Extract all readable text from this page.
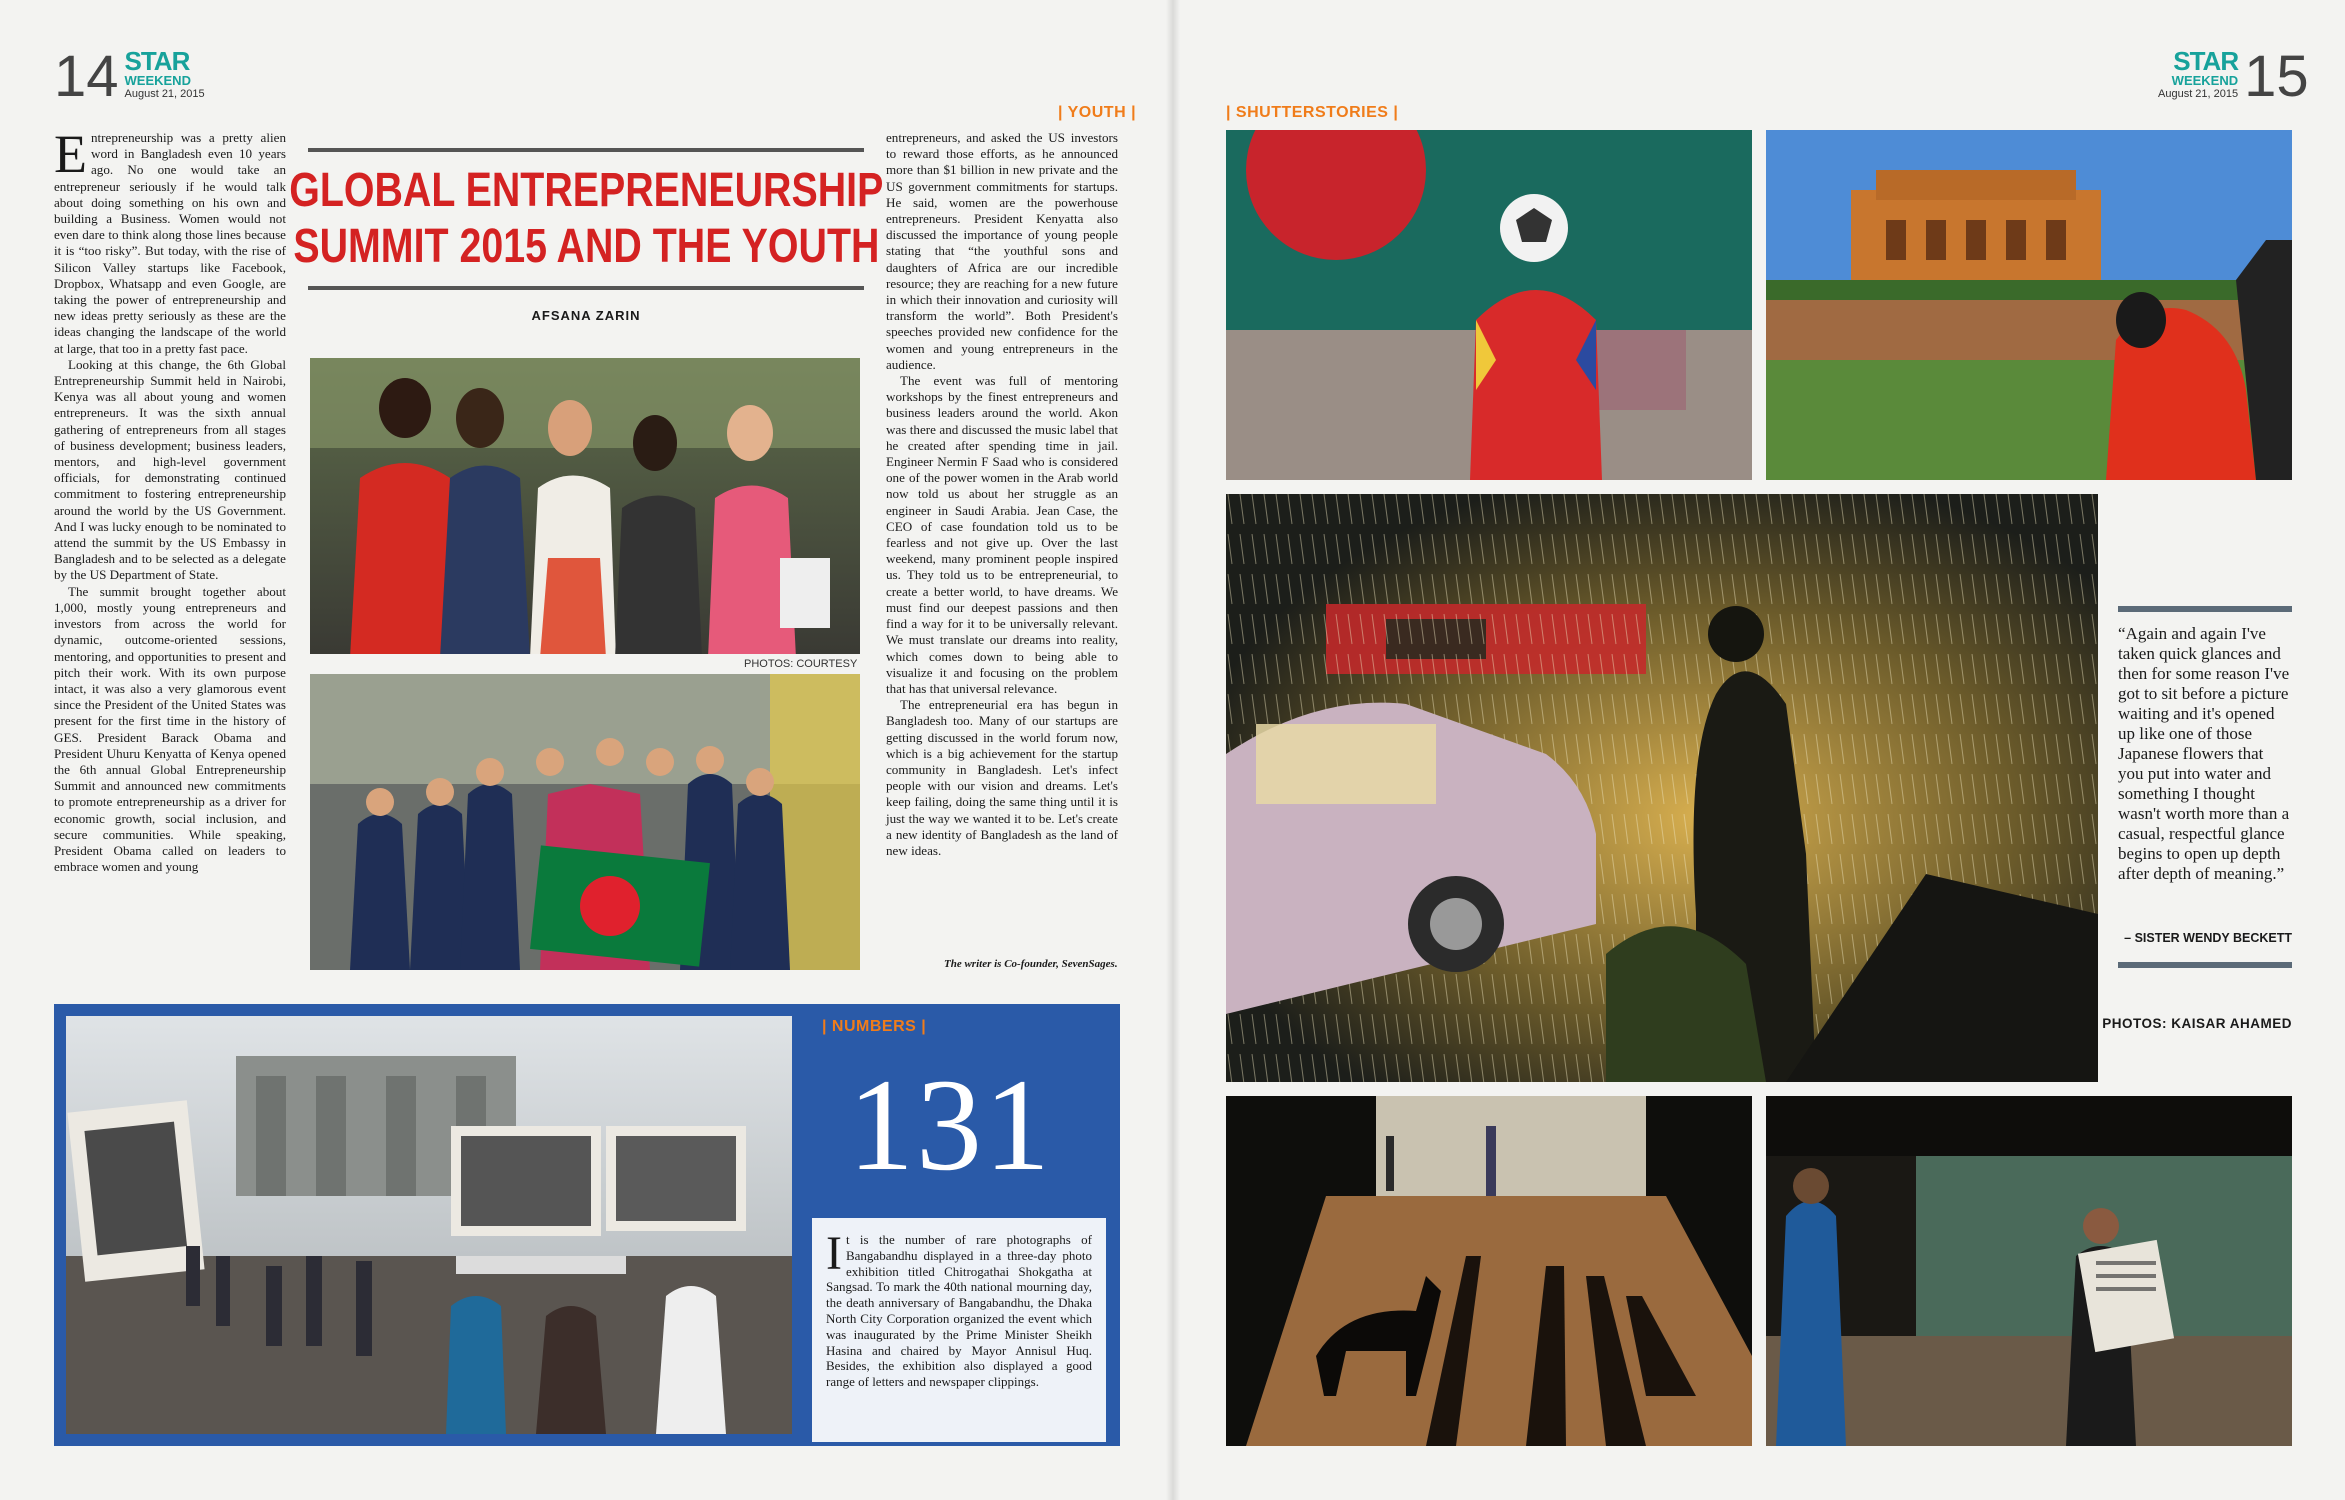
14 STAR
WEEKEND
August 21, 2015
| YOUTH |

Entrepreneurship was a pretty alien word in Bangladesh even 10 years ago. No one would take an entrepreneur seriously if he would talk about doing something on his own and building a Business. Women would not even dare to think along those lines because it is “too risky”. But today, with the rise of Silicon Valley startups like Facebook, Dropbox, Whatsapp and even Google, are taking the power of entrepreneurship and new ideas pretty seriously as these are the ideas changing the landscape of the world at large, that too in a pretty fast pace.

Looking at this change, the 6th Global Entrepreneurship Summit held in Nairobi, Kenya was all about young and women entrepreneurs. It was the sixth annual gathering of entrepreneurs from all stages of business development; business leaders, mentors, and high-level government officials, for demonstrating continued commitment to fostering entrepreneurship around the world by the US Government. And I was lucky enough to be nominated to attend the summit by the US Embassy in Bangladesh and to be selected as a delegate by the US Department of State.

The summit brought together about 1,000, mostly young entrepreneurs and investors from across the world for dynamic, outcome-oriented sessions, mentoring, and opportunities to present and pitch their work. With its own purpose intact, it was also a very glamorous event since the President of the United States was present for the first time in the history of GES. President Barack Obama and President Uhuru Kenyatta of Kenya opened the 6th annual Global Entrepreneurship Summit and announced new commitments to promote entrepreneurship as a driver for economic growth, social inclusion, and secure communities. While speaking, President Obama called on leaders to embrace women and young

GLOBAL ENTREPRENEURSHIP
SUMMIT 2015 AND THE YOUTH
AFSANA ZARIN
PHOTOS: COURTESY

entrepreneurs, and asked the US investors to reward those efforts, as he announced more than $1 billion in new private and the US government commitments for startups. He said, women are the powerhouse entrepreneurs. President Kenyatta also discussed the importance of young people stating that “the youthful sons and daughters of Africa are our incredible resource; they are reaching for a new future in which their innovation and curiosity will transform the world”. Both President's speeches provided new confidence for the women and young entrepreneurs in the audience.

The event was full of mentoring workshops by the finest entrepreneurs and business leaders around the world. Akon was there and discussed the music label that he created after spending time in jail. Engineer Nermin F Saad who is considered one of the power women in the Arab world now told us about her struggle as an engineer in Saudi Arabia. Jean Case, the CEO of case foundation told us to be fearless and not give up. Over the last weekend, many prominent people inspired us. They told us to be entrepreneurial, to create a better world, to have dreams. We must find our deepest passions and then find a way for it to be universally relevant. We must translate our dreams into reality, which comes down to being able to visualize it and focusing on the problem that has that universal relevance.

The entrepreneurial era has begun in Bangladesh too. Many of our startups are getting discussed in the world forum now, which is a big achievement for the startup community in Bangladesh. Let's infect people with our vision and dreams. Let's keep failing, doing the same thing until it is just the way we wanted it to be. Let's create a new identity of Bangladesh as the land of new ideas.

The writer is Co-founder, SevenSages.
| NUMBERS |
131
It is the number of rare photographs of Bangabandhu displayed in a three-day photo exhibition titled Chitrogathai Shokgatha at Sangsad. To mark the 40th national mourning day, the death anniversary of Bangabandhu, the Dhaka North City Corporation organized the event which was inaugurated by the Prime Minister Sheikh Hasina and chaired by Mayor Annisul Huq. Besides, the exhibition also displayed a good range of letters and newspaper clippings.
STAR
WEEKEND
August 21, 2015 15
| SHUTTERSTORIES |
“Again and again I've taken quick glances and then for some reason I've got to sit before a picture waiting and it's opened up like one of those Japanese flowers that you put into water and something I thought wasn't worth more than a casual, respectful glance begins to open up depth after depth of meaning.”
– SISTER WENDY BECKETT
PHOTOS: KAISAR AHAMED
